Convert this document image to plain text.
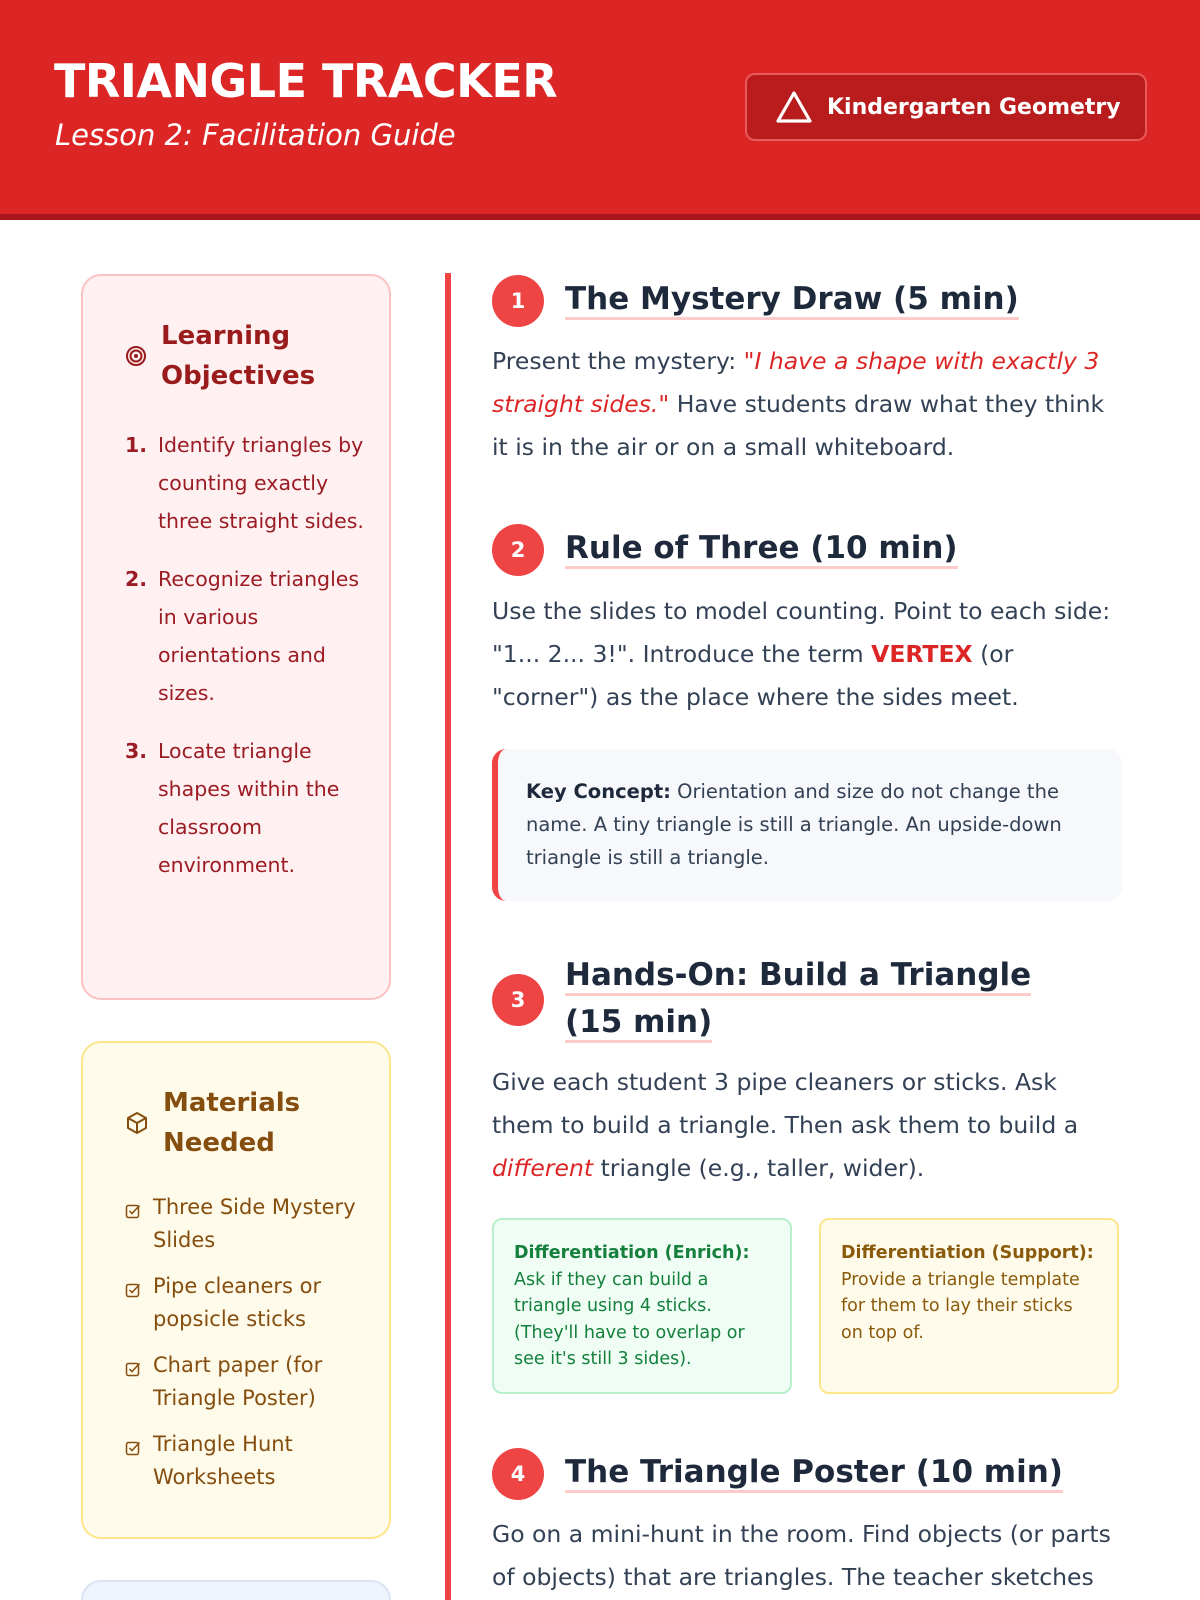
TRIANGLE TRACKER
Lesson 2: Facilitation Guide
Kindergarten Geometry
Learning Objectives
1. Identify triangles by counting exactly three straight sides.
2. Recognize triangles in various orientations and sizes.
3. Locate triangle shapes within the classroom environment.
Materials Needed
Three Side Mystery Slides
Pipe cleaners or popsicle sticks
Chart paper (for Triangle Poster)
Triangle Hunt Worksheets
1	The Mystery Draw (5 min)
Present the mystery: "I have a shape with exactly 3 straight sides." Have students draw what they think it is in the air or on a small whiteboard.
2	Rule of Three (10 min)
Use the slides to model counting. Point to each side: "1... 2... 3!". Introduce the term VERTEX (or "corner") as the place where the sides meet.
Key Concept: Orientation and size do not change the name. A tiny triangle is still a triangle. An upside-down triangle is still a triangle.
3
Hands-On: Build a Triangle (15 min)
Give each student 3 pipe cleaners or sticks. Ask them to build a triangle. Then ask them to build a different triangle (e.g., taller, wider).
Differentiation (Enrich):
Ask if they can build a triangle using 4 sticks. (They'll have to overlap or see it's still 3 sides).
Differentiation (Support):
Provide a triangle template for them to lay their sticks on top of.
4	The Triangle Poster (10 min)
Go on a mini-hunt in the room. Find objects (or parts of objects) that are triangles. The teacher sketches
